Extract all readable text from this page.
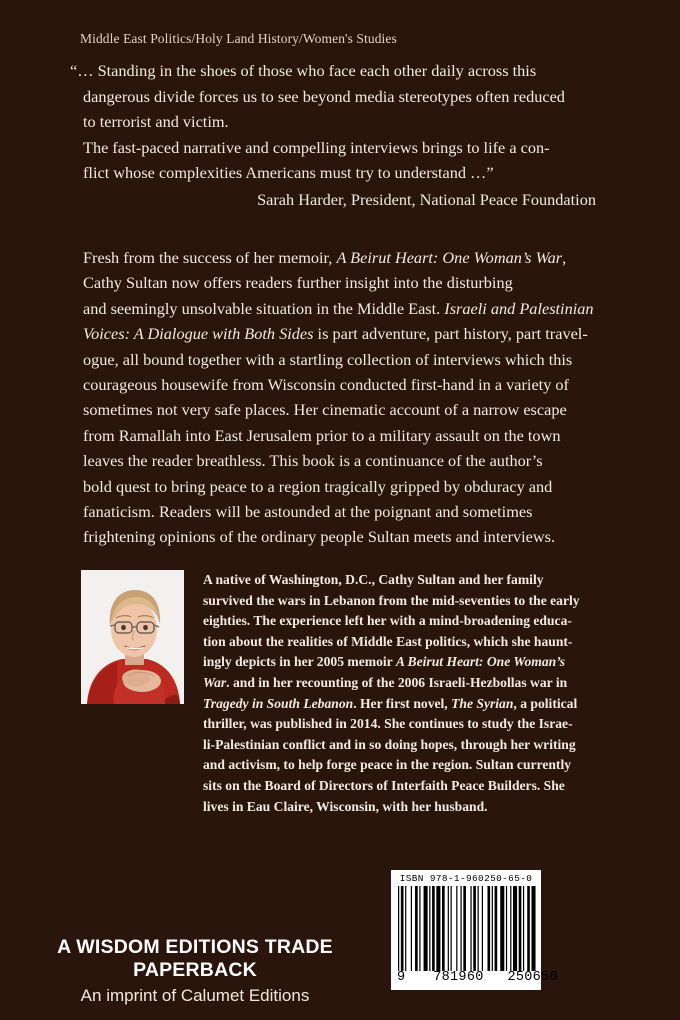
Middle East Politics/Holy Land History/Women's Studies
“… Standing in the shoes of those who face each other daily across this
dangerous divide forces us to see beyond media stereotypes often reduced
to terrorist and victim.
The fast-paced narrative and compelling interviews brings to life a con-
flict whose complexities Americans must try to understand …”
Sarah Harder, President, National Peace Foundation
Fresh from the success of her memoir, A Beirut Heart: One Woman’s War,
Cathy Sultan now offers readers further insight into the disturbing
and seemingly unsolvable situation in the Middle East. Israeli and Palestinian
Voices: A Dialogue with Both Sides is part adventure, part history, part travel-
ogue, all bound together with a startling collection of interviews which this
courageous housewife from Wisconsin conducted first-hand in a variety of
sometimes not very safe places. Her cinematic account of a narrow escape
from Ramallah into East Jerusalem prior to a military assault on the town
leaves the reader breathless. This book is a continuance of the author’s
bold quest to bring peace to a region tragically gripped by obduracy and
fanaticism. Readers will be astounded at the poignant and sometimes
frightening opinions of the ordinary people Sultan meets and interviews.
A native of Washington, D.C., Cathy Sultan and her family
survived the wars in Lebanon from the mid-seventies to the early
eighties. The experience left her with a mind-broadening educa-
tion about the realities of Middle East politics, which she haunt-
ingly depicts in her 2005 memoir A Beirut Heart: One Woman’s
War. and in her recounting of the 2006 Israeli-Hezbollas war in
Tragedy in South Lebanon. Her first novel, The Syrian, a political
thriller, was published in 2014. She continues to study the Israe-
li-Palestinian conflict and in so doing hopes, through her writing
and activism, to help forge peace in the region. Sultan currently
sits on the Board of Directors of Interfaith Peace Builders. She
lives in Eau Claire, Wisconsin, with her husband.
A WISDOM EDITIONS TRADE PAPERBACK
An imprint of Calumet Editions
ISBN 978-1-960250-65-0
9 781960 250650
